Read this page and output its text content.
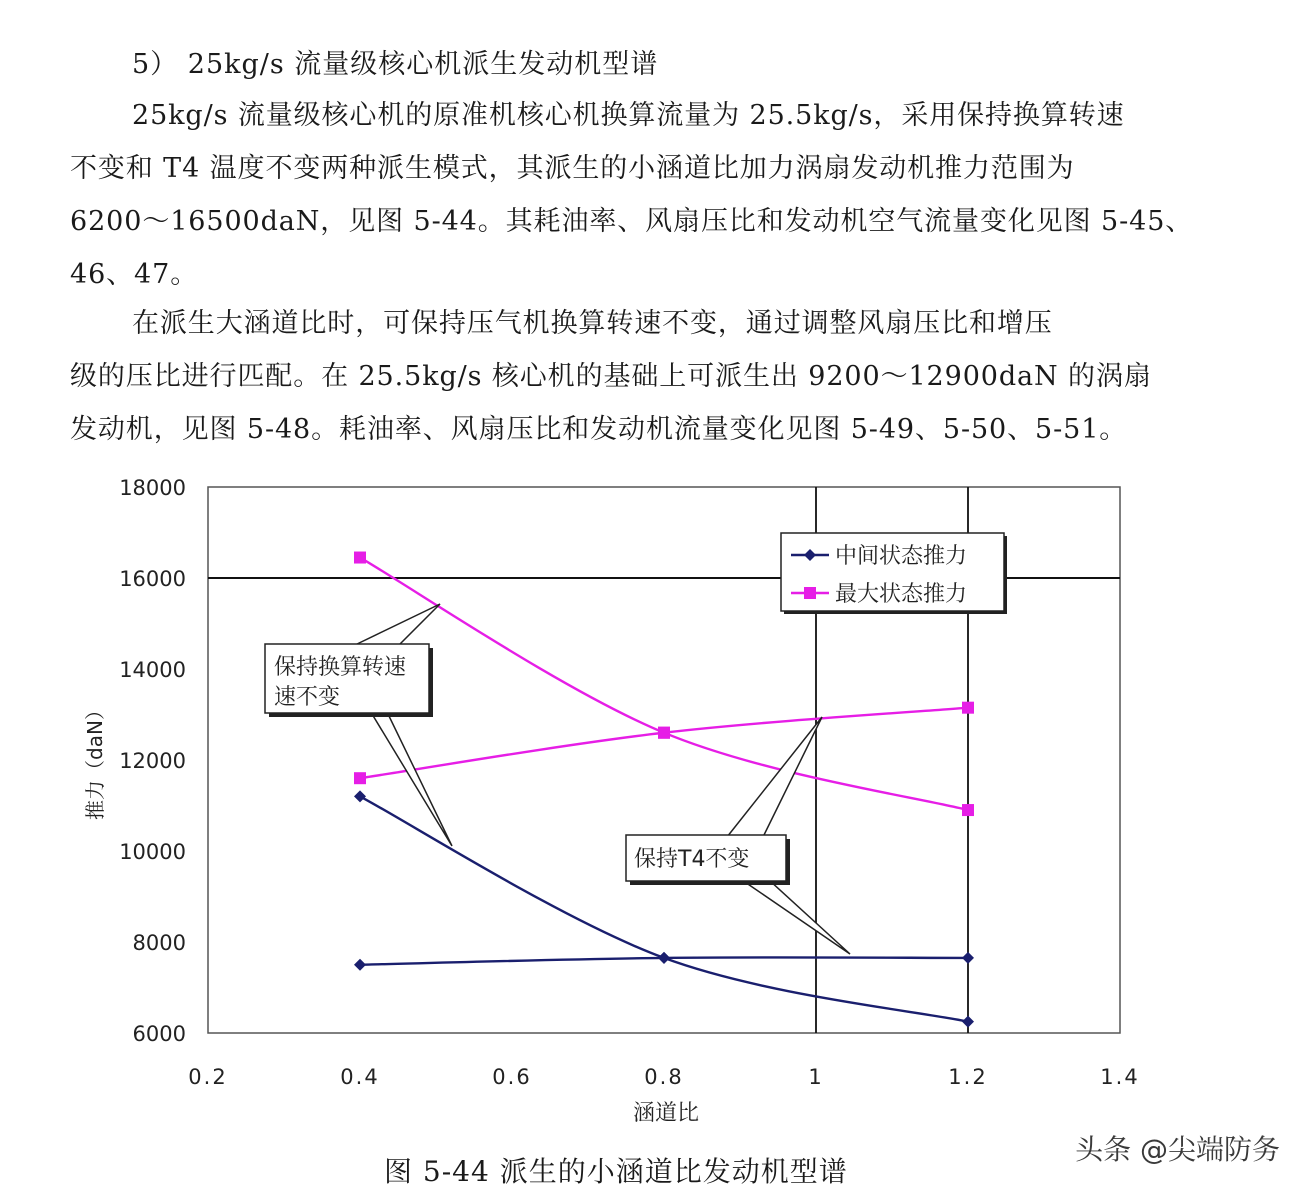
5） 25kg/s 流量级核心机派生发动机型谱
25kg/s 流量级核心机的原准机核心机换算流量为 25.5kg/s，采用保持换算转速
不变和 T4 温度不变两种派生模式，其派生的小涵道比加力涡扇发动机推力范围为
6200～16500daN，见图 5-44。其耗油率、风扇压比和发动机空气流量变化见图 5-45、
46、47。
在派生大涵道比时，可保持压气机换算转速不变，通过调整风扇压比和增压
级的压比进行匹配。在 25.5kg/s 核心机的基础上可派生出 9200～12900daN 的涡扇
发动机，见图 5-48。耗油率、风扇压比和发动机流量变化见图 5-49、5-50、5-51。
6000
8000
10000
12000
14000
16000
18000
0.2	0.4	0.6	0.8	1	1.2	1.4
涵道比
推力（daN）
中间状态推力
最大状态推力
保持换算转速
速不变
保持T4不变
图 5-44 派生的小涵道比发动机型谱
头条 @尖端防务
